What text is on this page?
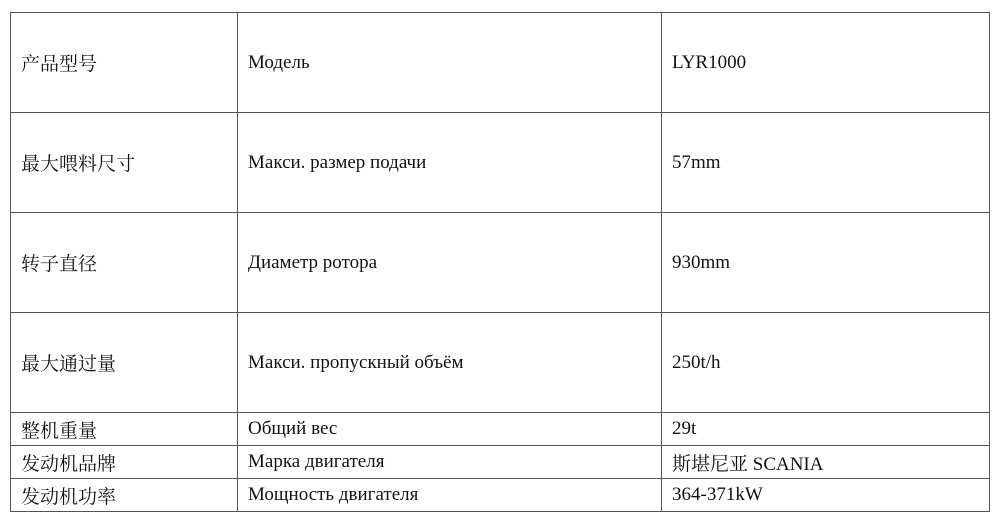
产品型号	Модель	LYR1000
最大喂料尺寸	Макси. размер подачи	57mm
转子直径	Диаметр ротора	930mm
最大通过量	Макси. пропускный объём	250t/h
整机重量	Общий вес	29t
发动机品牌	Марка двигателя	斯堪尼亚 SCANIA
发动机功率	Мощность двигателя	364-371kW
